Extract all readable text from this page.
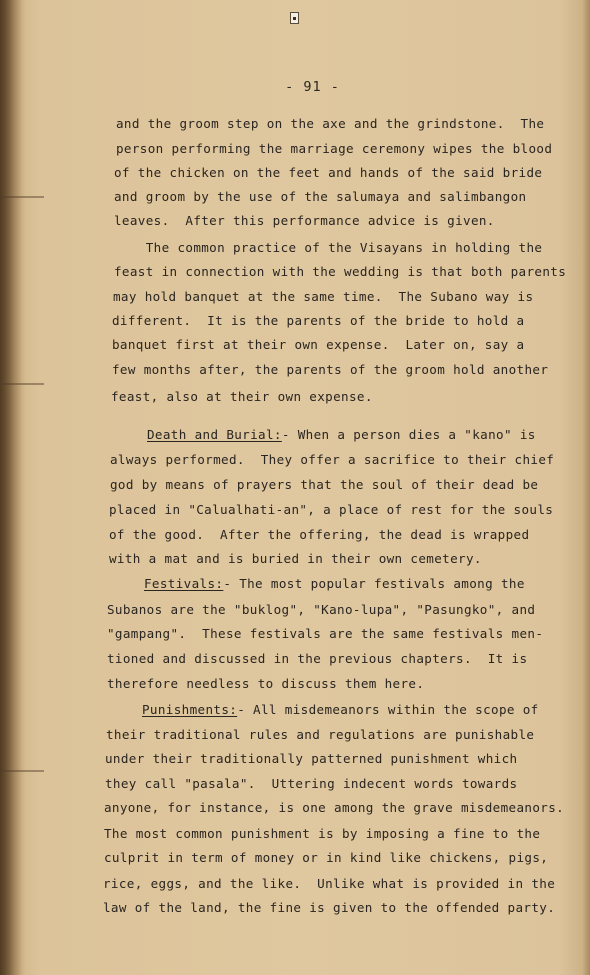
- 91 -
and the groom step on the axe and the grindstone.  The
person performing the marriage ceremony wipes the blood
of the chicken on the feet and hands of the said bride
and groom by the use of the salumaya and salimbangon
leaves.  After this performance advice is given.
The common practice of the Visayans in holding the
feast in connection with the wedding is that both parents
may hold banquet at the same time.  The Subano way is
different.  It is the parents of the bride to hold a
banquet first at their own expense.  Later on, say a
few months after, the parents of the groom hold another
feast, also at their own expense.
Death and Burial:- When a person dies a "kano" is
always performed.  They offer a sacrifice to their chief
god by means of prayers that the soul of their dead be
placed in "Calualhati-an", a place of rest for the souls
of the good.  After the offering, the dead is wrapped
with a mat and is buried in their own cemetery.
Festivals:- The most popular festivals among the
Subanos are the "buklog", "Kano-lupa", "Pasungko", and
"gampang".  These festivals are the same festivals men-
tioned and discussed in the previous chapters.  It is
therefore needless to discuss them here.
Punishments:- All misdemeanors within the scope of
their traditional rules and regulations are punishable
under their traditionally patterned punishment which
they call "pasala".  Uttering indecent words towards
anyone, for instance, is one among the grave misdemeanors.
The most common punishment is by imposing a fine to the
culprit in term of money or in kind like chickens, pigs,
rice, eggs, and the like.  Unlike what is provided in the
law of the land, the fine is given to the offended party.
